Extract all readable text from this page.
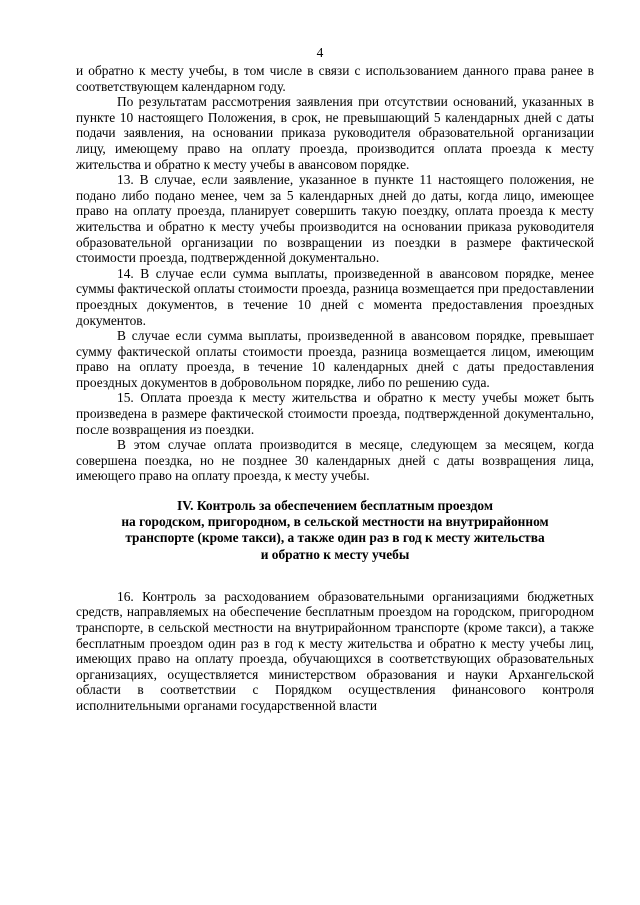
4

и обратно к месту учебы, в том числе в связи с использованием данного права ранее в соответствующем календарном году.

По результатам рассмотрения заявления при отсутствии оснований, указанных в пункте 10 настоящего Положения, в срок, не превышающий 5 календарных дней с даты подачи заявления, на основании приказа руководителя образовательной организации лицу, имеющему право на оплату проезда, производится оплата проезда к месту жительства и обратно к месту учебы в авансовом порядке.

13. В случае, если заявление, указанное в пункте 11 настоящего положения, не подано либо подано менее, чем за 5 календарных дней до даты, когда лицо, имеющее право на оплату проезда, планирует совершить такую поездку, оплата проезда к месту жительства и обратно к месту учебы производится на основании приказа руководителя образовательной организации по возвращении из поездки в размере фактической стоимости проезда, подтвержденной документально.

14. В случае если сумма выплаты, произведенной в авансовом порядке, менее суммы фактической оплаты стоимости проезда, разница возмещается при предоставлении проездных документов, в течение 10 дней с момента предоставления проездных документов.

В случае если сумма выплаты, произведенной в авансовом порядке, превышает сумму фактической оплаты стоимости проезда, разница возмещается лицом, имеющим право на оплату проезда, в течение 10 календарных дней с даты предоставления проездных документов в добровольном порядке, либо по решению суда.

15. Оплата проезда к месту жительства и обратно к месту учебы может быть произведена в размере фактической стоимости проезда, подтвержденной документально, после возвращения из поездки.

В этом случае оплата производится в месяце, следующем за месяцем, когда совершена поездка, но не позднее 30 календарных дней с даты возвращения лица, имеющего право на оплату проезда, к месту учебы.

IV. Контроль за обеспечением бесплатным проездом
на городском, пригородном, в сельской местности на внутрирайонном
транспорте (кроме такси), а также один раз в год к месту жительства
и обратно к месту учебы

16. Контроль за расходованием образовательными организациями бюджетных средств, направляемых на обеспечение бесплатным проездом на городском, пригородном транспорте, в сельской местности на внутрирайонном транспорте (кроме такси), а также бесплатным проездом один раз в год к месту жительства и обратно к месту учебы лиц, имеющих право на оплату проезда, обучающихся в соответствующих образовательных организациях, осуществляется министерством образования и науки Архангельской области в соответствии с Порядком осуществления финансового контроля исполнительными органами государственной власти
